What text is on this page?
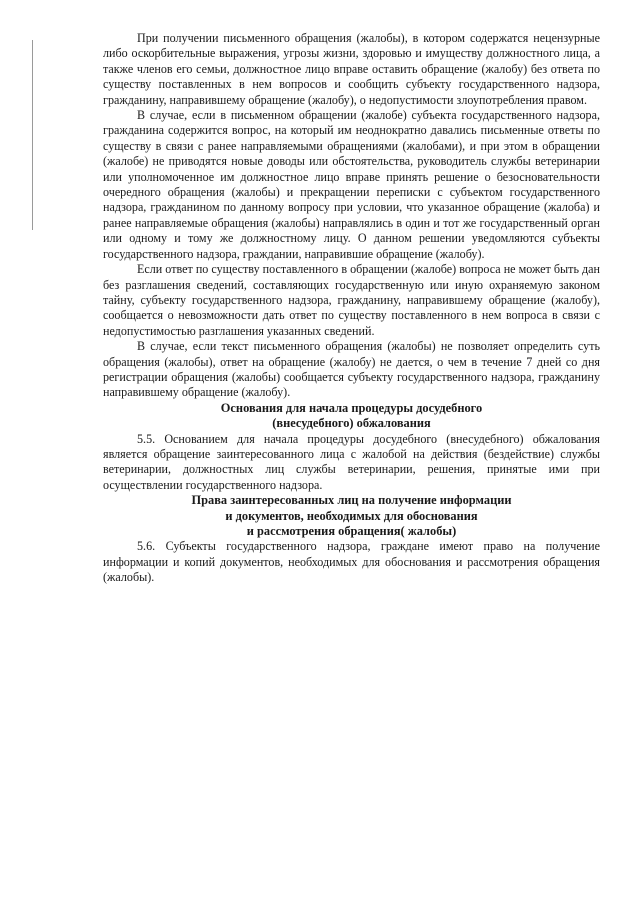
При получении письменного обращения (жалобы), в котором содержатся нецензурные либо оскорбительные выражения, угрозы жизни, здоровью и имуществу должностного лица, а также членов его семьи, должностное лицо вправе оставить обращение (жалобу) без ответа по существу поставленных в нем вопросов и сообщить субъекту государственного надзора, гражданину, направившему обращение (жалобу), о недопустимости злоупотребления правом.

В случае, если в письменном обращении (жалобе) субъекта государственного надзора, гражданина содержится вопрос, на который им неоднократно давались письменные ответы по существу в связи с ранее направляемыми обращениями (жалобами), и при этом в обращении (жалобе) не приводятся новые доводы или обстоятельства, руководитель службы ветеринарии или уполномоченное им должностное лицо вправе принять решение о безосновательности очередного обращения (жалобы) и прекращении переписки с субъектом государственного надзора, гражданином по данному вопросу при условии, что указанное обращение (жалоба) и ранее направляемые обращения (жалобы) направлялись в один и тот же государственный орган или одному и тому же должностному лицу. О данном решении уведомляются субъекты государственного надзора, граждании, направившие обращение (жалобу).

Если ответ по существу поставленного в обращении (жалобе) вопроса не может быть дан без разглашения сведений, составляющих государственную или иную охраняемую законом тайну, субъекту государственного надзора, гражданину, направившему обращение (жалобу), сообщается о невозможности дать ответ по существу поставленного в нем вопроса в связи с недопустимостью разглашения указанных сведений.

В случае, если текст письменного обращения (жалобы) не позволяет определить суть обращения (жалобы), ответ на обращение (жалобу) не дается, о чем в течение 7 дней со дня регистрации обращения (жалобы) сообщается субъекту государственного надзора, гражданину направившему обращение (жалобу).

Основания для начала процедуры досудебного
(внесудебного) обжалования

5.5. Основанием для начала процедуры досудебного (внесудебного) обжалования является обращение заинтересованного лица с жалобой на действия (бездействие) службы ветеринарии, должностных лиц службы ветеринарии, решения, принятые ими при осуществлении государственного надзора.

Права заинтересованных лиц на получение информации
и документов, необходимых для обоснования
и рассмотрения обращения( жалобы)

5.6. Субъекты государственного надзора, граждане имеют право на получение информации и копий документов, необходимых для обоснования и рассмотрения обращения (жалобы).
